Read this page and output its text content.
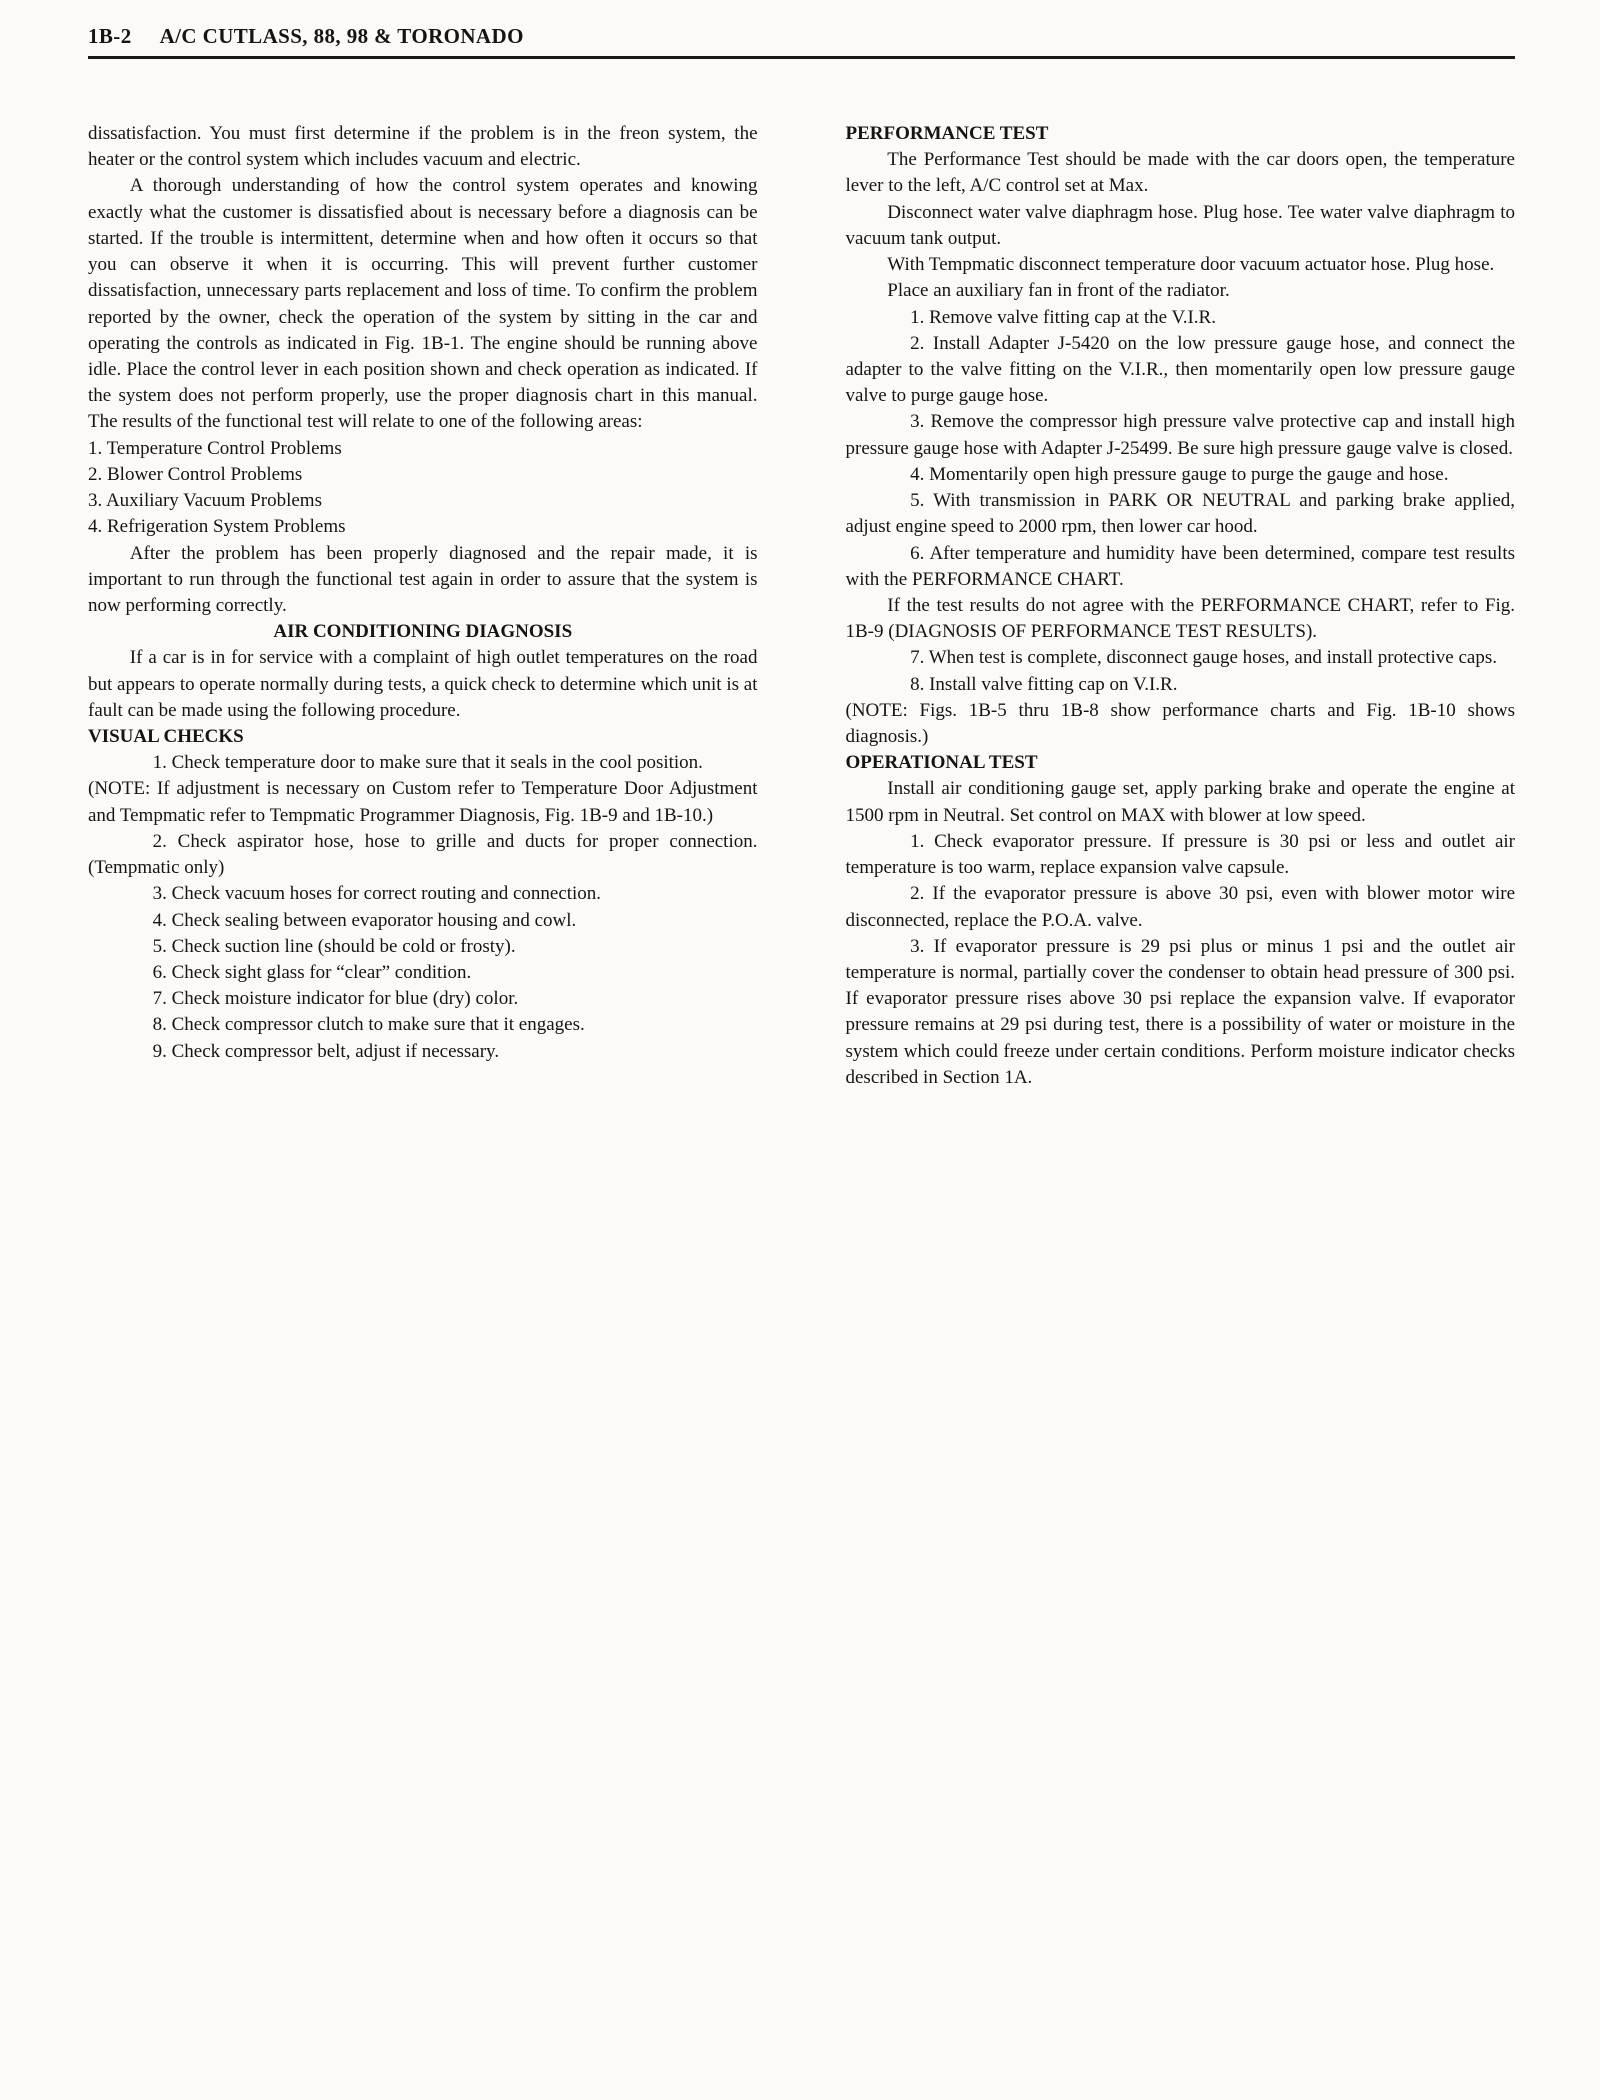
1B-2 A/C CUTLASS, 88, 98 & TORONADO

dissatisfaction. You must first determine if the problem is in the freon system, the heater or the control system which includes vacuum and electric.

A thorough understanding of how the control system operates and knowing exactly what the customer is dissatisfied about is necessary before a diagnosis can be started. If the trouble is intermittent, determine when and how often it occurs so that you can observe it when it is occurring. This will prevent further customer dissatisfaction, unnecessary parts replacement and loss of time. To confirm the problem reported by the owner, check the operation of the system by sitting in the car and operating the controls as indicated in Fig. 1B-1. The engine should be running above idle. Place the control lever in each position shown and check operation as indicated. If the system does not perform properly, use the proper diagnosis chart in this manual. The results of the functional test will relate to one of the following areas:

1. Temperature Control Problems

2. Blower Control Problems

3. Auxiliary Vacuum Problems

4. Refrigeration System Problems

After the problem has been properly diagnosed and the repair made, it is important to run through the functional test again in order to assure that the system is now performing correctly.

AIR CONDITIONING DIAGNOSIS

If a car is in for service with a complaint of high outlet temperatures on the road but appears to operate normally during tests, a quick check to determine which unit is at fault can be made using the following procedure.

VISUAL CHECKS

1. Check temperature door to make sure that it seals in the cool position.

(NOTE: If adjustment is necessary on Custom refer to Temperature Door Adjustment and Tempmatic refer to Tempmatic Programmer Diagnosis, Fig. 1B-9 and 1B-10.)

2. Check aspirator hose, hose to grille and ducts for proper connection. (Tempmatic only)

3. Check vacuum hoses for correct routing and connection.

4. Check sealing between evaporator housing and cowl.

5. Check suction line (should be cold or frosty).

6. Check sight glass for “clear” condition.

7. Check moisture indicator for blue (dry) color.

8. Check compressor clutch to make sure that it engages.

9. Check compressor belt, adjust if necessary.

PERFORMANCE TEST

The Performance Test should be made with the car doors open, the temperature lever to the left, A/C control set at Max.

Disconnect water valve diaphragm hose. Plug hose. Tee water valve diaphragm to vacuum tank output.

With Tempmatic disconnect temperature door vacuum actuator hose. Plug hose.

Place an auxiliary fan in front of the radiator.

1. Remove valve fitting cap at the V.I.R.

2. Install Adapter J-5420 on the low pressure gauge hose, and connect the adapter to the valve fitting on the V.I.R., then momentarily open low pressure gauge valve to purge gauge hose.

3. Remove the compressor high pressure valve protective cap and install high pressure gauge hose with Adapter J-25499. Be sure high pressure gauge valve is closed.

4. Momentarily open high pressure gauge to purge the gauge and hose.

5. With transmission in PARK OR NEUTRAL and parking brake applied, adjust engine speed to 2000 rpm, then lower car hood.

6. After temperature and humidity have been determined, compare test results with the PERFORMANCE CHART.

If the test results do not agree with the PERFORMANCE CHART, refer to Fig. 1B-9 (DIAGNOSIS OF PERFORMANCE TEST RESULTS).

7. When test is complete, disconnect gauge hoses, and install protective caps.

8. Install valve fitting cap on V.I.R.

(NOTE: Figs. 1B-5 thru 1B-8 show performance charts and Fig. 1B-10 shows diagnosis.)

OPERATIONAL TEST

Install air conditioning gauge set, apply parking brake and operate the engine at 1500 rpm in Neutral. Set control on MAX with blower at low speed.

1. Check evaporator pressure. If pressure is 30 psi or less and outlet air temperature is too warm, replace expansion valve capsule.

2. If the evaporator pressure is above 30 psi, even with blower motor wire disconnected, replace the P.O.A. valve.

3. If evaporator pressure is 29 psi plus or minus 1 psi and the outlet air temperature is normal, partially cover the condenser to obtain head pressure of 300 psi. If evaporator pressure rises above 30 psi replace the expansion valve. If evaporator pressure remains at 29 psi during test, there is a possibility of water or moisture in the system which could freeze under certain conditions. Perform moisture indicator checks described in Section 1A.
